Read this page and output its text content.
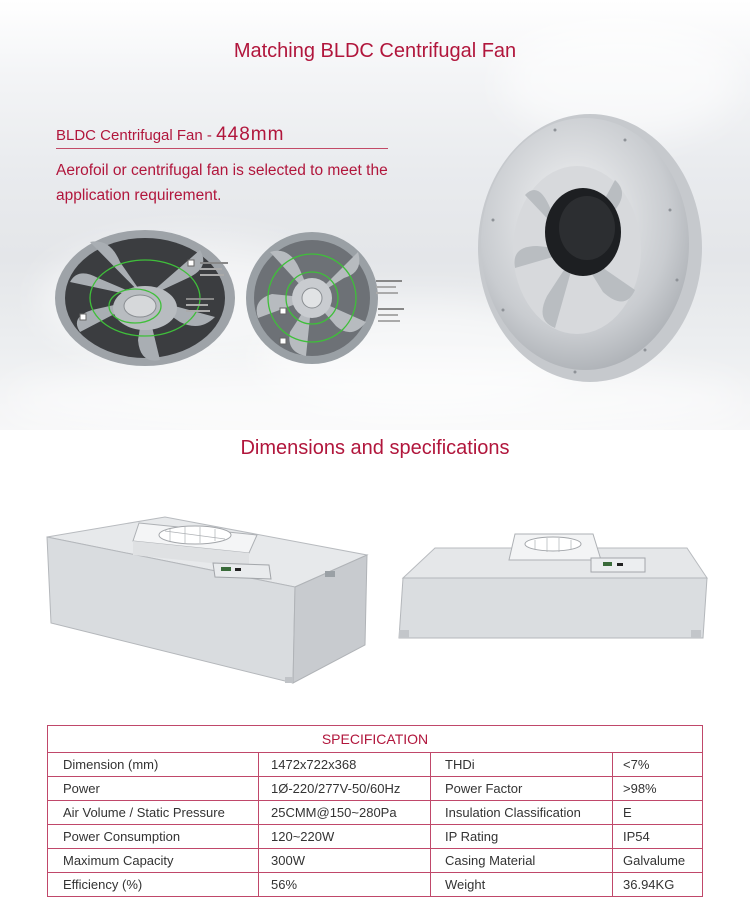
Matching BLDC Centrifugal Fan
BLDC Centrifugal Fan - 448mm
Aerofoil or centrifugal fan is selected to meet the application requirement.
Dimensions and specifications
SPECIFICATION			
Dimension (mm)	1472x722x368	THDi	<7%
Power	1Ø-220/277V-50/60Hz	Power Factor	>98%
Air Volume / Static Pressure	25CMM@150~280Pa	Insulation Classification	E
Power Consumption	120~220W	IP Rating	IP54
Maximum Capacity	300W	Casing Material	Galvalume
Efficiency (%)	56%	Weight	36.94KG
